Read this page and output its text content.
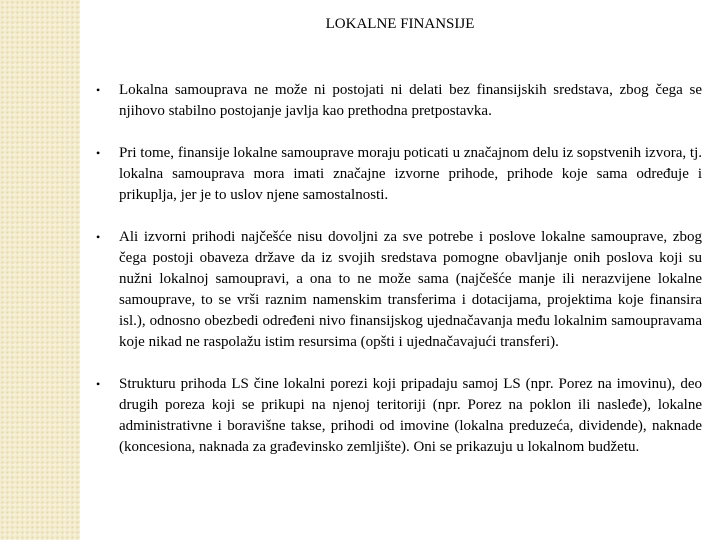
LOKALNE FINANSIJE
• Lokalna samouprava ne može ni postojati ni delati bez finansijskih sredstava, zbog čega se njihovo stabilno postojanje javlja kao prethodna pretpostavka.
• Pri tome, finansije lokalne samouprave moraju poticati u značajnom delu iz sopstvenih izvora, tj. lokalna samouprava mora imati značajne izvorne prihode, prihode koje sama određuje i prikuplja, jer je to uslov njene samostalnosti.
• Ali izvorni prihodi najčešće nisu dovoljni za sve potrebe i poslove lokalne samouprave, zbog čega postoji obaveza države da iz svojih sredstava pomogne obavljanje onih poslova koji su nužni lokalnoj samoupravi, a ona to ne može sama (najčešće manje ili nerazvijene lokalne samouprave, to se vrši raznim namenskim transferima i dotacijama, projektima koje finansira isl.), odnosno obezbedi određeni nivo finansijskog ujednačavanja među lokalnim samoupravama koje nikad ne raspolažu istim resursima (opšti i ujednačavajući transferi).
• Strukturu prihoda LS čine lokalni porezi koji pripadaju samoj LS (npr. Porez na imovinu), deo drugih poreza koji se prikupi na njenoj teritoriji (npr. Porez na poklon ili nasleđe), lokalne administrativne i boravišne takse, prihodi od imovine (lokalna preduzeća, dividende), naknade (koncesiona, naknada za građevinsko zemljište). Oni se prikazuju u lokalnom budžetu.
